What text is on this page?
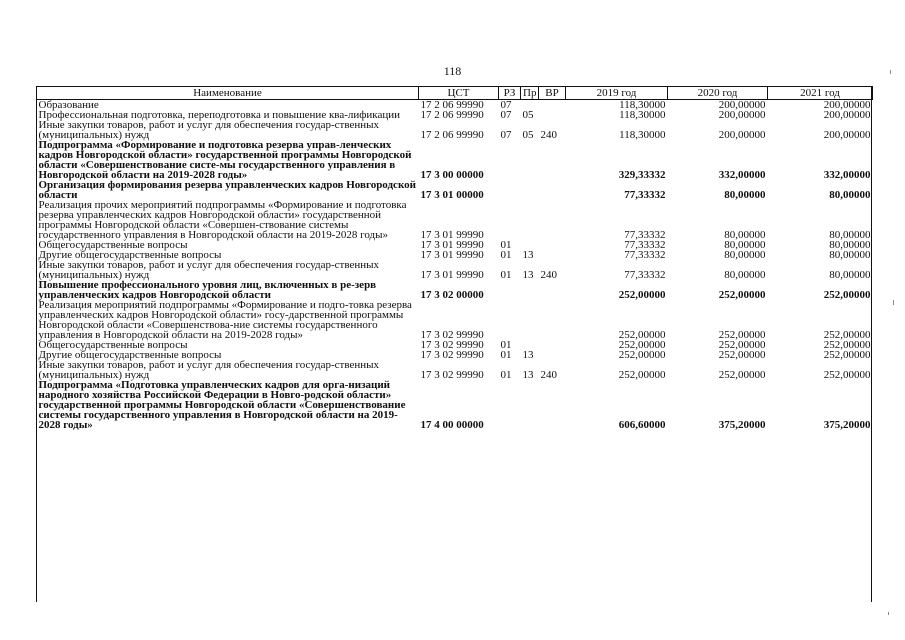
118
Наименование	ЦСТ	РЗ	Пр	ВР	2019 год	2020 год	2021 год
Образование	17 2 06 99990	07			118,30000	200,00000	200,00000
Профессиональная подготовка, переподготовка и повышение ква-лификации	17 2 06 99990	07	05		118,30000	200,00000	200,00000
Иные закупки товаров, работ и услуг для обеспечения государ-ственных (муниципальных) нужд	17 2 06 99990	07	05	240	118,30000	200,00000	200,00000
Подпрограмма «Формирование и подготовка резерва управ-ленческих кадров Новгородской области» государственной программы Новгородской области «Совершенствование систе-мы государственного управления в Новгородской области на 2019-2028 годы»	17 3 00 00000				329,33332	332,00000	332,00000
Организация формирования резерва управленческих кадров Новгородской области	17 3 01 00000				77,33332	80,00000	80,00000
Реализация прочих мероприятий подпрограммы «Формирование и подготовка резерва управленческих кадров Новгородской области» государственной программы Новгородской области «Совершен-ствование системы государственного управления в Новгородской области на 2019-2028 годы»	17 3 01 99990				77,33332	80,00000	80,00000
Общегосударственные вопросы	17 3 01 99990	01			77,33332	80,00000	80,00000
Другие общегосударственные вопросы	17 3 01 99990	01	13		77,33332	80,00000	80,00000
Иные закупки товаров, работ и услуг для обеспечения государ-ственных (муниципальных) нужд	17 3 01 99990	01	13	240	77,33332	80,00000	80,00000
Повышение профессионального уровня лиц, включенных в ре-зерв управленческих кадров Новгородской области	17 3 02 00000				252,00000	252,00000	252,00000
Реализация мероприятий подпрограммы «Формирование и подго-товка резерва управленческих кадров Новгородской области» госу-дарственной программы Новгородской области «Совершенствова-ние системы государственного управления в Новгородской области на 2019-2028 годы»	17 3 02 99990				252,00000	252,00000	252,00000
Общегосударственные вопросы	17 3 02 99990	01			252,00000	252,00000	252,00000
Другие общегосударственные вопросы	17 3 02 99990	01	13		252,00000	252,00000	252,00000
Иные закупки товаров, работ и услуг для обеспечения государ-ственных (муниципальных) нужд	17 3 02 99990	01	13	240	252,00000	252,00000	252,00000
Подпрограмма «Подготовка управленческих кадров для орга-низаций народного хозяйства Российской Федерации в Новго-родской области» государственной программы Новгородской области «Совершенствование системы государственного управления в Новгородской области на 2019-2028 годы»	17 4 00 00000				606,60000	375,20000	375,20000
